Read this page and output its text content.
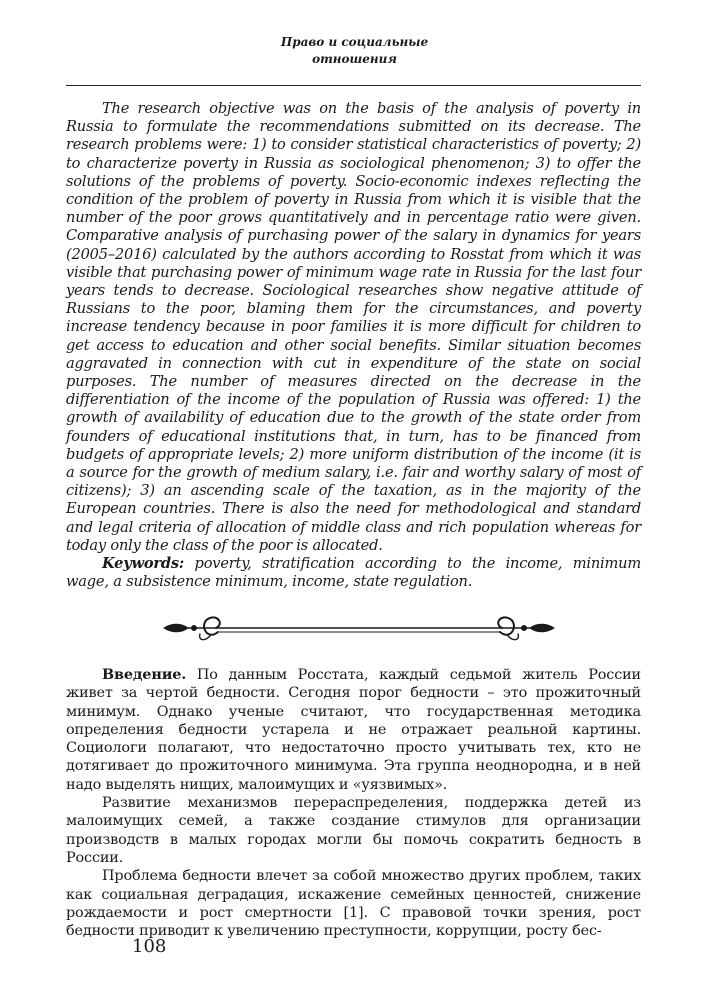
Право и социальные
отношения

The research objective was on the basis of the analysis of poverty in Russia to formulate the recommendations submitted on its decrease. The research problems were: 1) to consider statistical characteristics of poverty; 2) to characterize poverty in Russia as sociological phenomenon; 3) to offer the solutions of the problems of poverty. Socio-economic indexes reflecting the condition of the problem of poverty in Russia from which it is visible that the number of the poor grows quantitatively and in percentage ratio were given. Comparative analysis of purchasing power of the salary in dynamics for years (2005–2016) calculated by the authors according to Rosstat from which it was visible that purchasing power of minimum wage rate in Russia for the last four years tends to decrease. Sociological researches show negative attitude of Russians to the poor, blaming them for the circumstances, and poverty increase tendency because in poor families it is more difficult for children to get access to education and other social benefits. Similar situation becomes aggravated in connection with cut in expenditure of the state on social purposes. The number of measures directed on the decrease in the differentiation of the income of the population of Russia was offered: 1) the growth of availability of education due to the growth of the state order from founders of educational institutions that, in turn, has to be financed from budgets of appropriate levels; 2) more uniform distribution of the income (it is a source for the growth of medium salary, i.e. fair and worthy salary of most of citizens); 3) an ascending scale of the taxation, as in the majority of the European countries. There is also the need for methodological and standard and legal criteria of allocation of middle class and rich population whereas for today only the class of the poor is allocated.

Keywords: poverty, stratification according to the income, minimum wage, a subsistence minimum, income, state regulation.

Введение. По данным Росстата, каждый седьмой житель России живет за чертой бедности. Сегодня порог бедности – это прожиточный минимум. Однако ученые считают, что государственная методика определения бедности устарела и не отражает реальной картины. Социологи полагают, что недостаточно просто учитывать тех, кто не дотягивает до прожиточного минимума. Эта группа неоднородна, и в ней надо выделять нищих, малоимущих и «уязвимых».

Развитие механизмов перераспределения, поддержка детей из малоимущих семей, а также создание стимулов для организации производств в малых городах могли бы помочь сократить бедность в России.

Проблема бедности влечет за собой множество других проблем, таких как социальная деградация, искажение семейных ценностей, снижение рождаемости и рост смертности [1]. С правовой точки зрения, рост бедности приводит к увеличению преступности, коррупции, росту бес-

108
